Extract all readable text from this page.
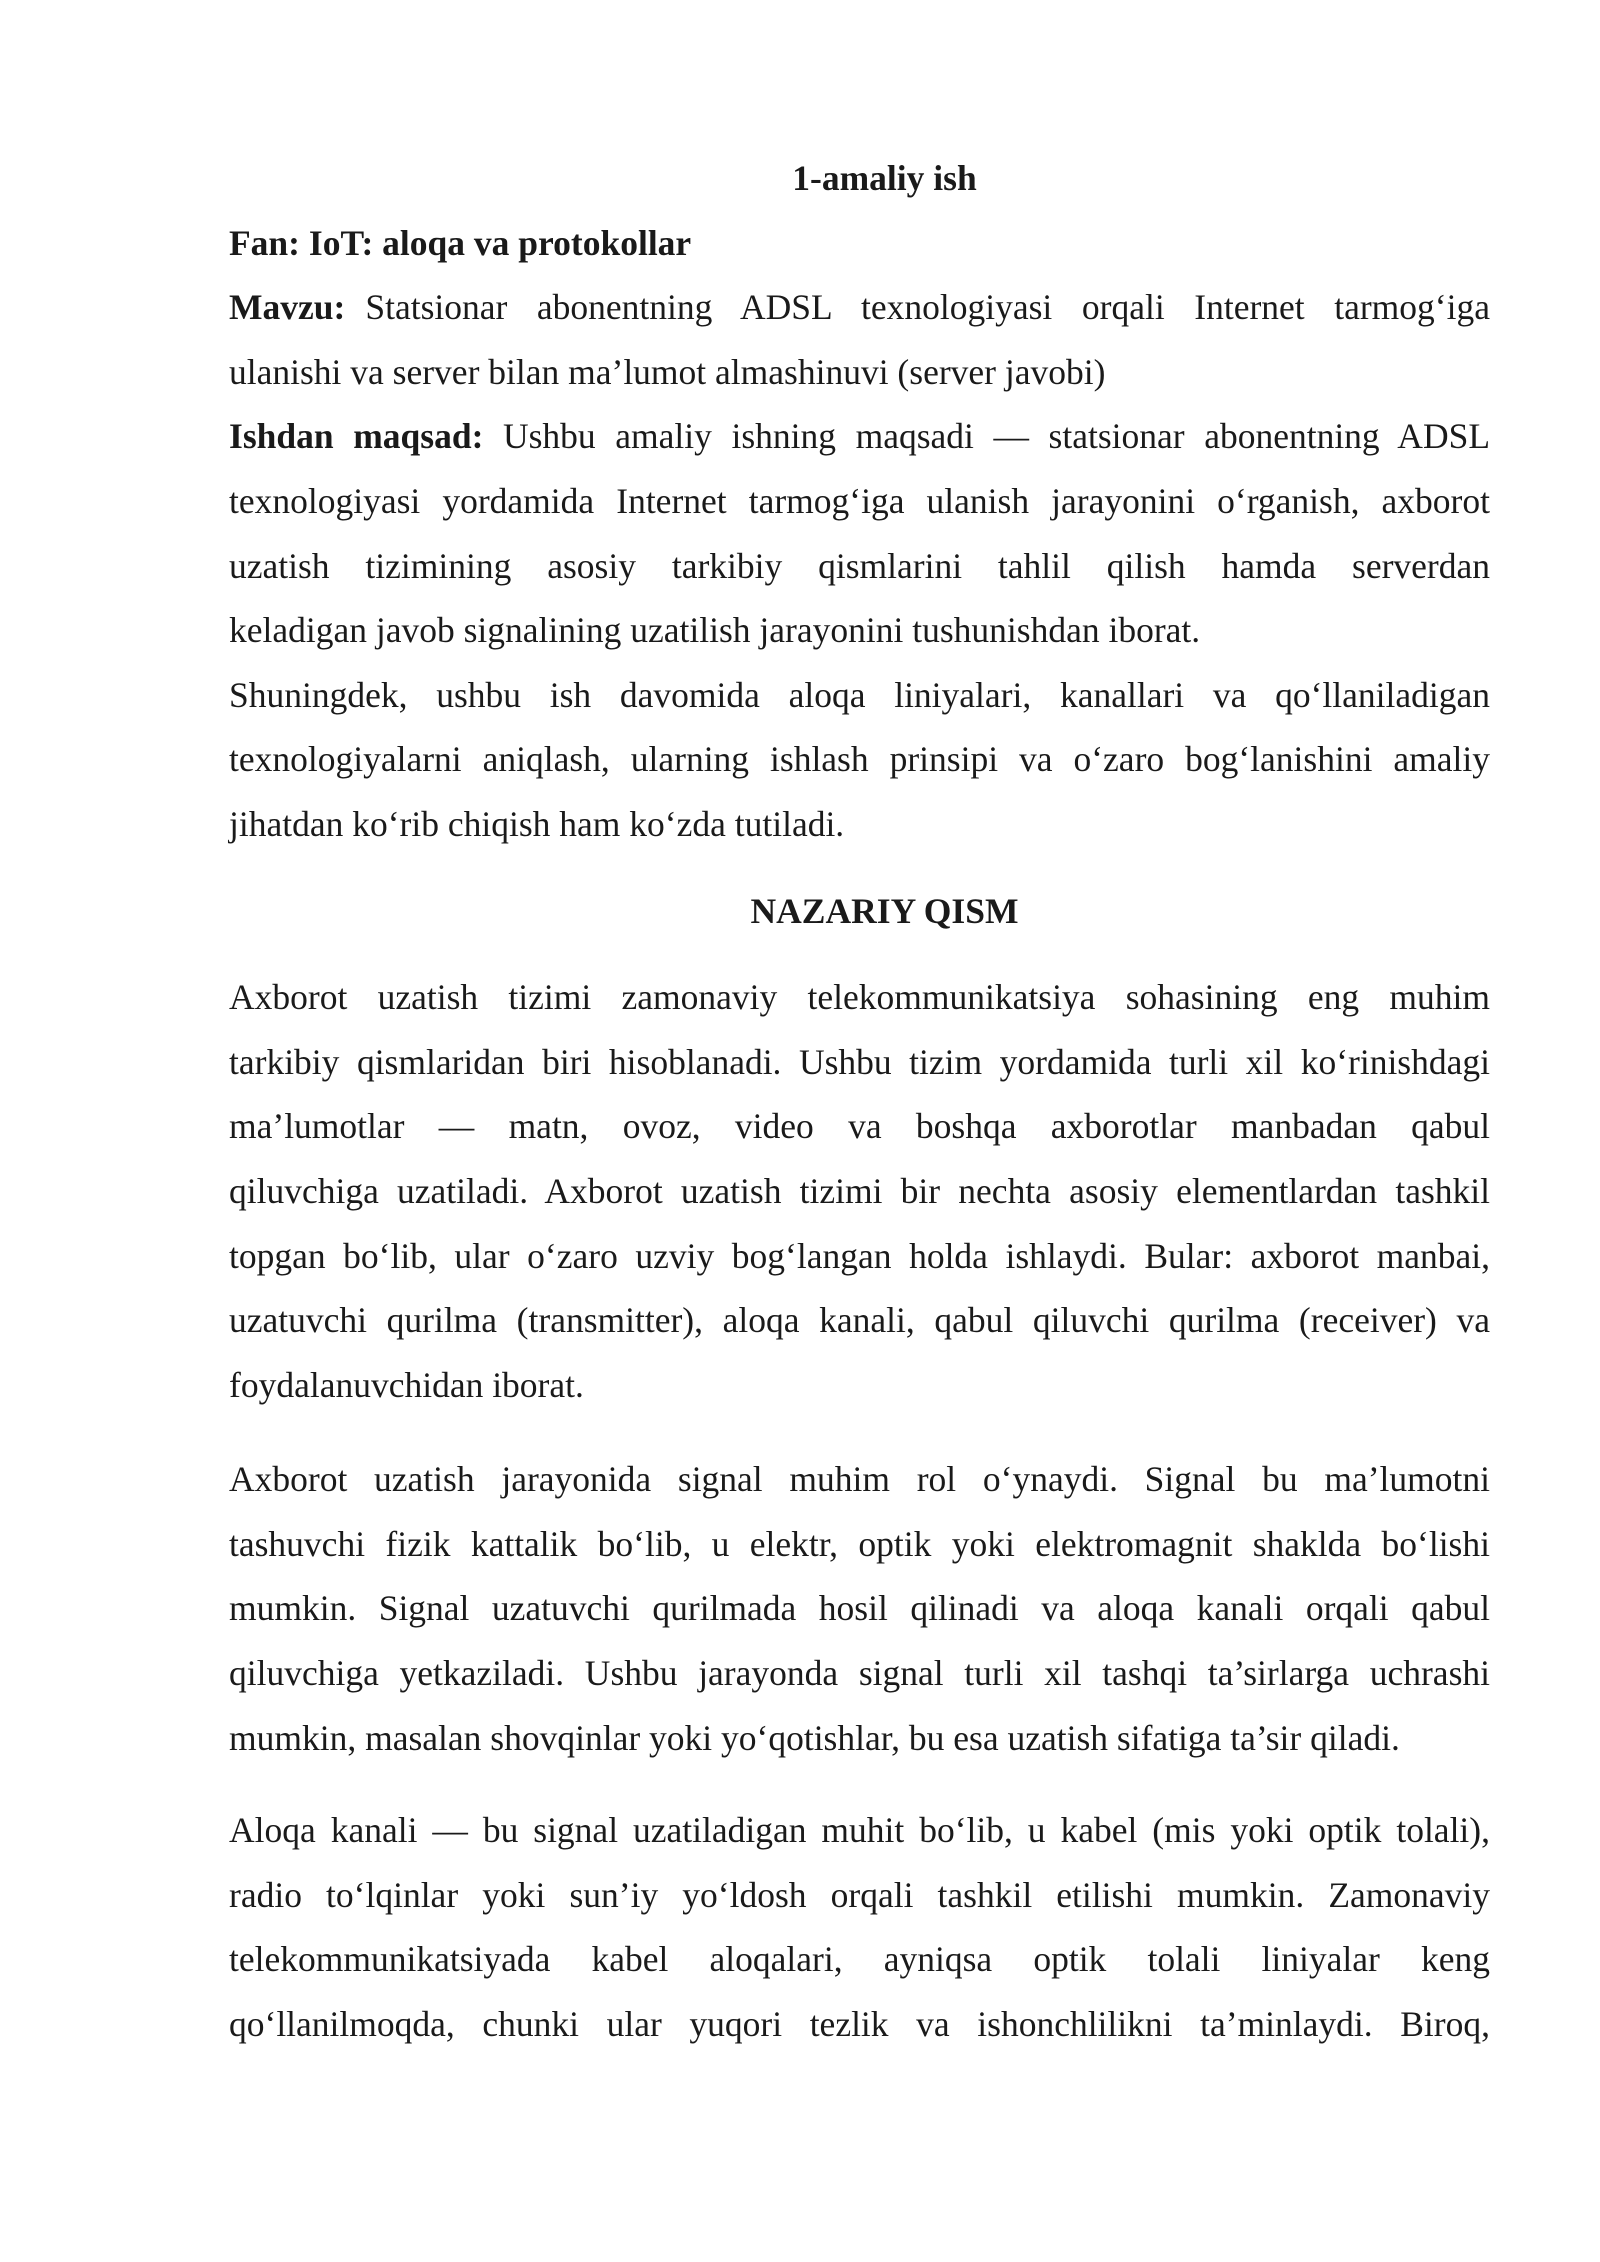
1-amaliy ish
Fan: IoT: aloqa va protokollar
Mavzu: Statsionar abonentning ADSL texnologiyasi orqali Internet tarmog‘iga
ulanishi va server bilan ma’lumot almashinuvi (server javobi)
Ishdan maqsad: Ushbu amaliy ishning maqsadi — statsionar abonentning ADSL
texnologiyasi yordamida Internet tarmog‘iga ulanish jarayonini o‘rganish, axborot
uzatish tizimining asosiy tarkibiy qismlarini tahlil qilish hamda serverdan
keladigan javob signalining uzatilish jarayonini tushunishdan iborat.
Shuningdek, ushbu ish davomida aloqa liniyalari, kanallari va qo‘llaniladigan
texnologiyalarni aniqlash, ularning ishlash prinsipi va o‘zaro bog‘lanishini amaliy
jihatdan ko‘rib chiqish ham ko‘zda tutiladi.
NAZARIY QISM
Axborot uzatish tizimi zamonaviy telekommunikatsiya sohasining eng muhim
tarkibiy qismlaridan biri hisoblanadi. Ushbu tizim yordamida turli xil ko‘rinishdagi
ma’lumotlar — matn, ovoz, video va boshqa axborotlar manbadan qabul
qiluvchiga uzatiladi. Axborot uzatish tizimi bir nechta asosiy elementlardan tashkil
topgan bo‘lib, ular o‘zaro uzviy bog‘langan holda ishlaydi. Bular: axborot manbai,
uzatuvchi qurilma (transmitter), aloqa kanali, qabul qiluvchi qurilma (receiver) va
foydalanuvchidan iborat.
Axborot uzatish jarayonida signal muhim rol o‘ynaydi. Signal bu ma’lumotni
tashuvchi fizik kattalik bo‘lib, u elektr, optik yoki elektromagnit shaklda bo‘lishi
mumkin. Signal uzatuvchi qurilmada hosil qilinadi va aloqa kanali orqali qabul
qiluvchiga yetkaziladi. Ushbu jarayonda signal turli xil tashqi ta’sirlarga uchrashi
mumkin, masalan shovqinlar yoki yo‘qotishlar, bu esa uzatish sifatiga ta’sir qiladi.
Aloqa kanali — bu signal uzatiladigan muhit bo‘lib, u kabel (mis yoki optik tolali),
radio to‘lqinlar yoki sun’iy yo‘ldosh orqali tashkil etilishi mumkin. Zamonaviy
telekommunikatsiyada kabel aloqalari, ayniqsa optik tolali liniyalar keng
qo‘llanilmoqda, chunki ular yuqori tezlik va ishonchlilikni ta’minlaydi. Biroq,
